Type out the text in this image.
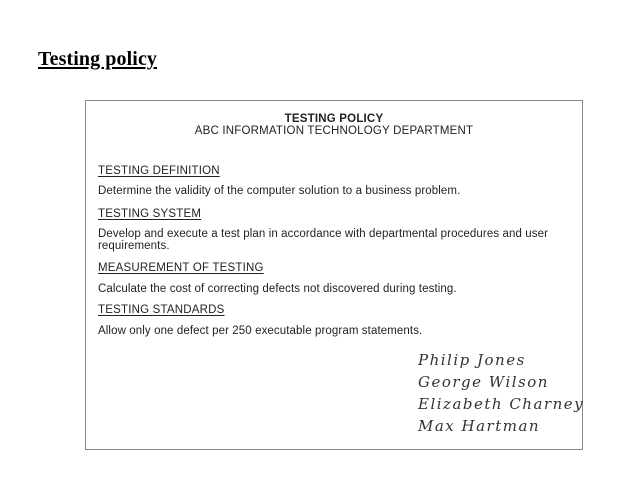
Testing policy
TESTING POLICY
ABC INFORMATION TECHNOLOGY DEPARTMENT
TESTING DEFINITION
Determine the validity of the computer solution to a business problem.
TESTING SYSTEM
Develop and execute a test plan in accordance with departmental procedures and user requirements.
MEASUREMENT OF TESTING
Calculate the cost of correcting defects not discovered during testing.
TESTING STANDARDS
Allow only one defect per 250 executable program statements.
Philip Jones
George Wilson
Elizabeth Charney
Max Hartman
